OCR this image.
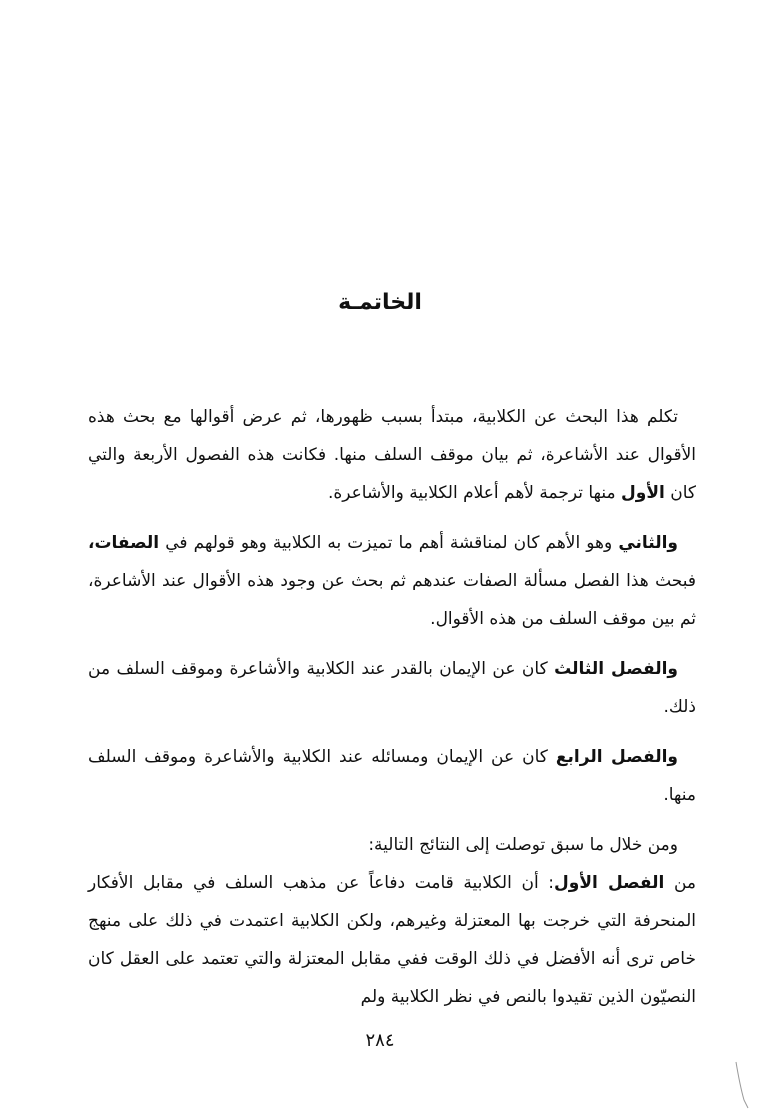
الخاتمـة

تكلم هذا البحث عن الكلابية، مبتدأ بسبب ظهورها، ثم عرض أقوالها مع بحث هذه الأقوال عند الأشاعرة، ثم بيان موقف السلف منها. فكانت هذه الفصول الأربعة والتي كان الأول منها ترجمة لأهم أعلام الكلابية والأشاعرة.

والثاني وهو الأهم كان لمناقشة أهم ما تميزت به الكلابية وهو قولهم في الصفات، فبحث هذا الفصل مسألة الصفات عندهم ثم بحث عن وجود هذه الأقوال عند الأشاعرة، ثم بين موقف السلف من هذه الأقوال.

والفصل الثالث كان عن الإيمان بالقدر عند الكلابية والأشاعرة وموقف السلف من ذلك.

والفصل الرابع كان عن الإيمان ومسائله عند الكلابية والأشاعرة وموقف السلف منها.

ومن خلال ما سبق توصلت إلى النتائج التالية:

من الفصل الأول: أن الكلابية قامت دفاعاً عن مذهب السلف في مقابل الأفكار المنحرفة التي خرجت بها المعتزلة وغيرهم، ولكن الكلابية اعتمدت في ذلك على منهج خاص ترى أنه الأفضل في ذلك الوقت ففي مقابل المعتزلة والتي تعتمد على العقل كان النصيّون الذين تقيدوا بالنص في نظر الكلابية ولم

٢٨٤
